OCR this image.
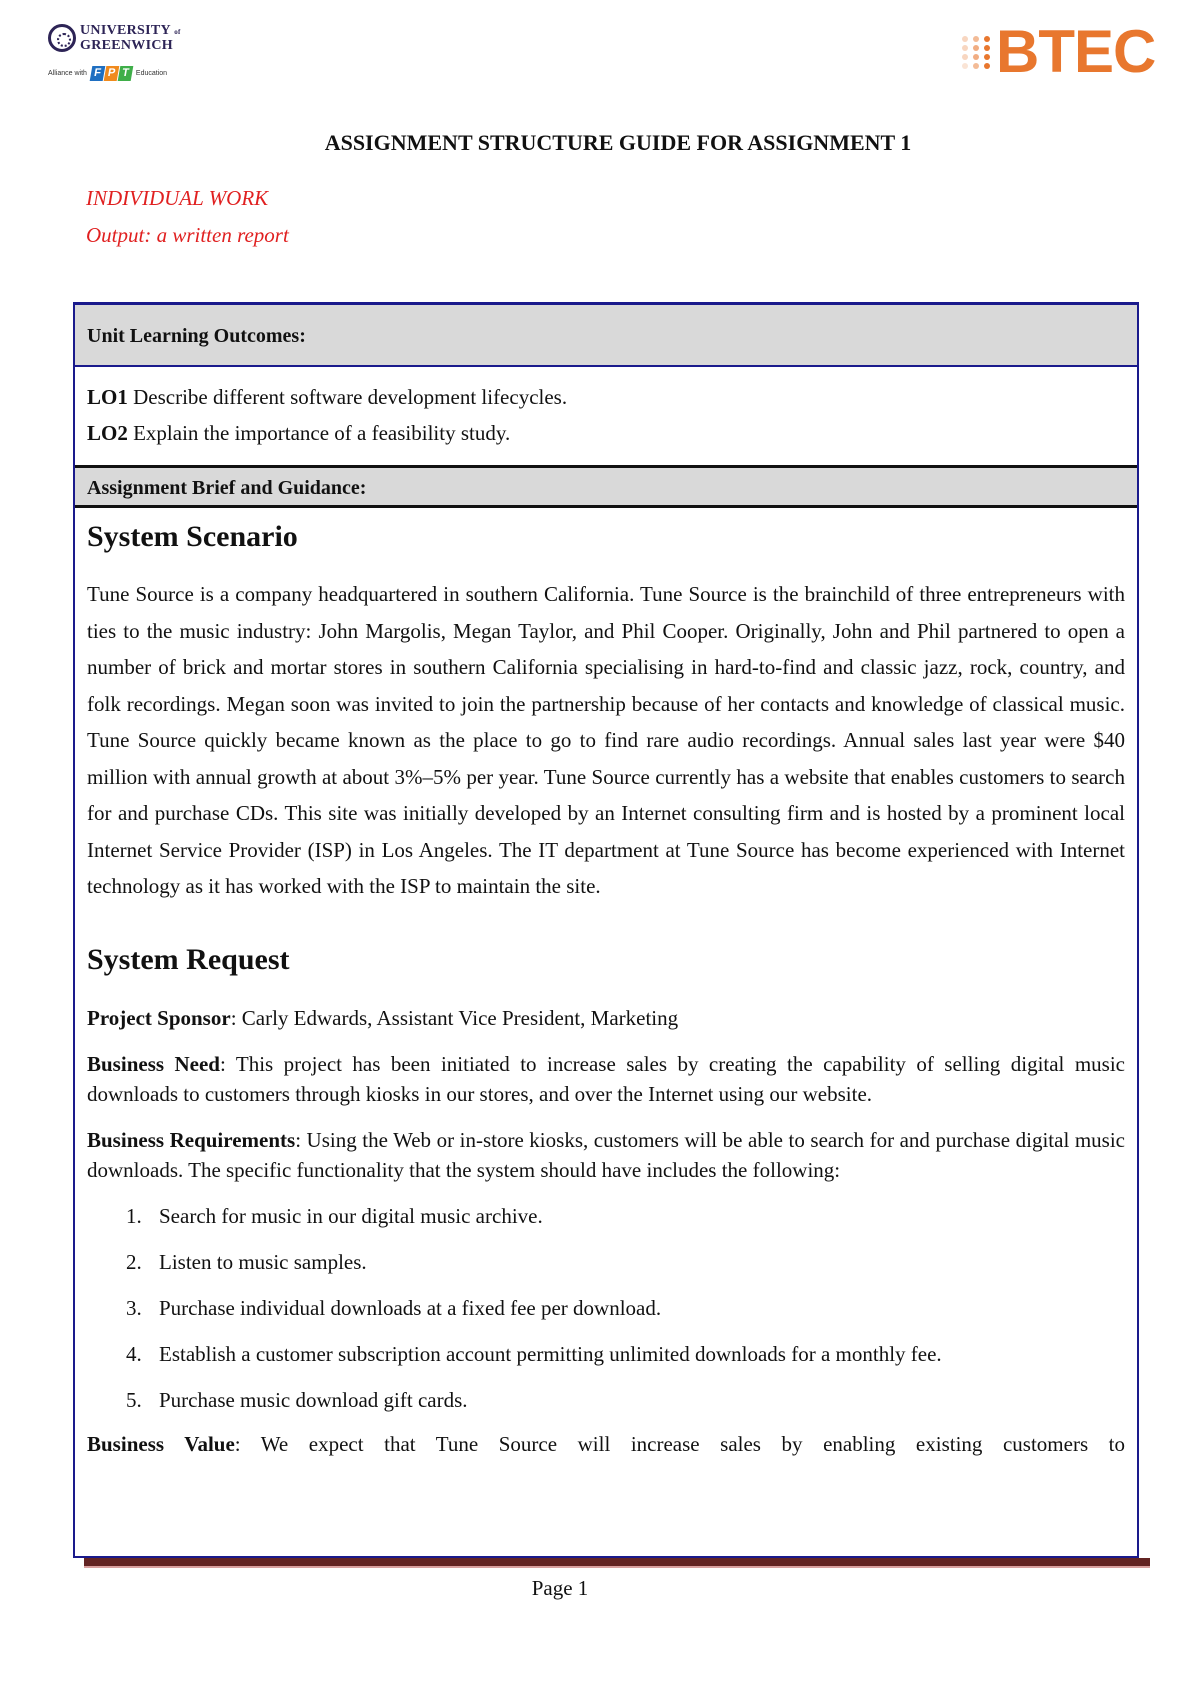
UNIVERSITY of
GREENWICH
Alliance with F P T Education	BTEC
ASSIGNMENT STRUCTURE GUIDE FOR ASSIGNMENT 1
INDIVIDUAL WORK
Output: a written report
Unit Learning Outcomes:
LO1 Describe different software development lifecycles.
LO2 Explain the importance of a feasibility study.
Assignment Brief and Guidance:
System Scenario

Tune Source is a company headquartered in southern California. Tune Source is the brainchild of three entrepreneurs with ties to the music industry: John Margolis, Megan Taylor, and Phil Cooper. Originally, John and Phil partnered to open a number of brick and mortar stores in southern California specialising in hard-to-find and classic jazz, rock, country, and folk recordings. Megan soon was invited to join the partnership because of her contacts and knowledge of classical music. Tune Source quickly became known as the place to go to find rare audio recordings. Annual sales last year were $40 million with annual growth at about 3%–5% per year. Tune Source currently has a website that enables customers to search for and purchase CDs. This site was initially developed by an Internet consulting firm and is hosted by a prominent local Internet Service Provider (ISP) in Los Angeles. The IT department at Tune Source has become experienced with Internet technology as it has worked with the ISP to maintain the site.

System Request

Project Sponsor: Carly Edwards, Assistant Vice President, Marketing

Business Need: This project has been initiated to increase sales by creating the capability of selling digital music downloads to customers through kiosks in our stores, and over the Internet using our website.

Business Requirements: Using the Web or in-store kiosks, customers will be able to search for and purchase digital music downloads. The specific functionality that the system should have includes the following:

1. Search for music in our digital music archive.
2. Listen to music samples.
3. Purchase individual downloads at a fixed fee per download.
4. Establish a customer subscription account permitting unlimited downloads for a monthly fee.
5. Purchase music download gift cards.

Business Value: We expect that Tune Source will increase sales by enabling existing customers to

Page 1
